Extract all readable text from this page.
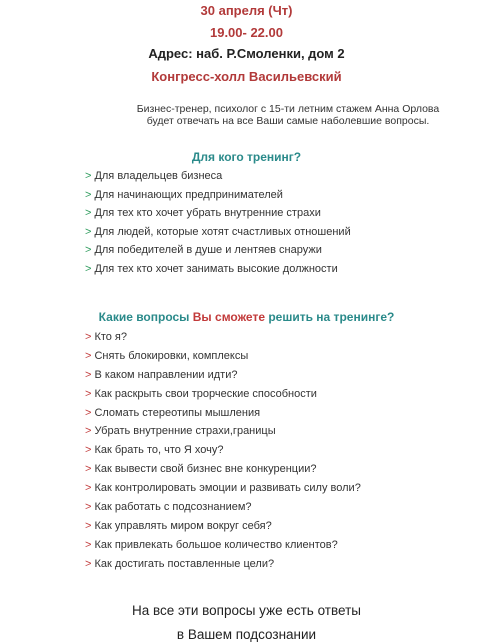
30 апреля (Чт)
19.00- 22.00
Адрес: наб. Р.Смоленки, дом 2
Конгресс-холл Васильевский
Бизнес-тренер, психолог с 15-ти летним стажем Анна Орлова будет отвечать на все Ваши самые наболевшие вопросы.
Для кого тренинг?
> Для владельцев бизнеса
> Для начинающих предпринимателей
> Для тех кто хочет убрать внутренние страхи
> Для людей, которые хотят счастливых отношений
> Для победителей в душе и лентяев снаружи
> Для тех кто хочет занимать высокие должности
Какие вопросы Вы сможете решить на тренинге?
> Кто я?
> Снять блокировки, комплексы
> В каком направлении идти?
> Как раскрыть свои трорческие способности
> Сломать стереотипы мышления
> Убрать внутренние страхи,границы
> Как брать то, что Я хочу?
> Как вывести свой бизнес вне конкуренции?
> Как контролировать эмоции и развивать силу воли?
> Как работать с подсознанием?
> Как управлять миром вокруг себя?
> Как привлекать большое количество клиентов?
> Как достигать поставленные цели?
На все эти вопросы уже есть ответы
в Вашем подсознании
